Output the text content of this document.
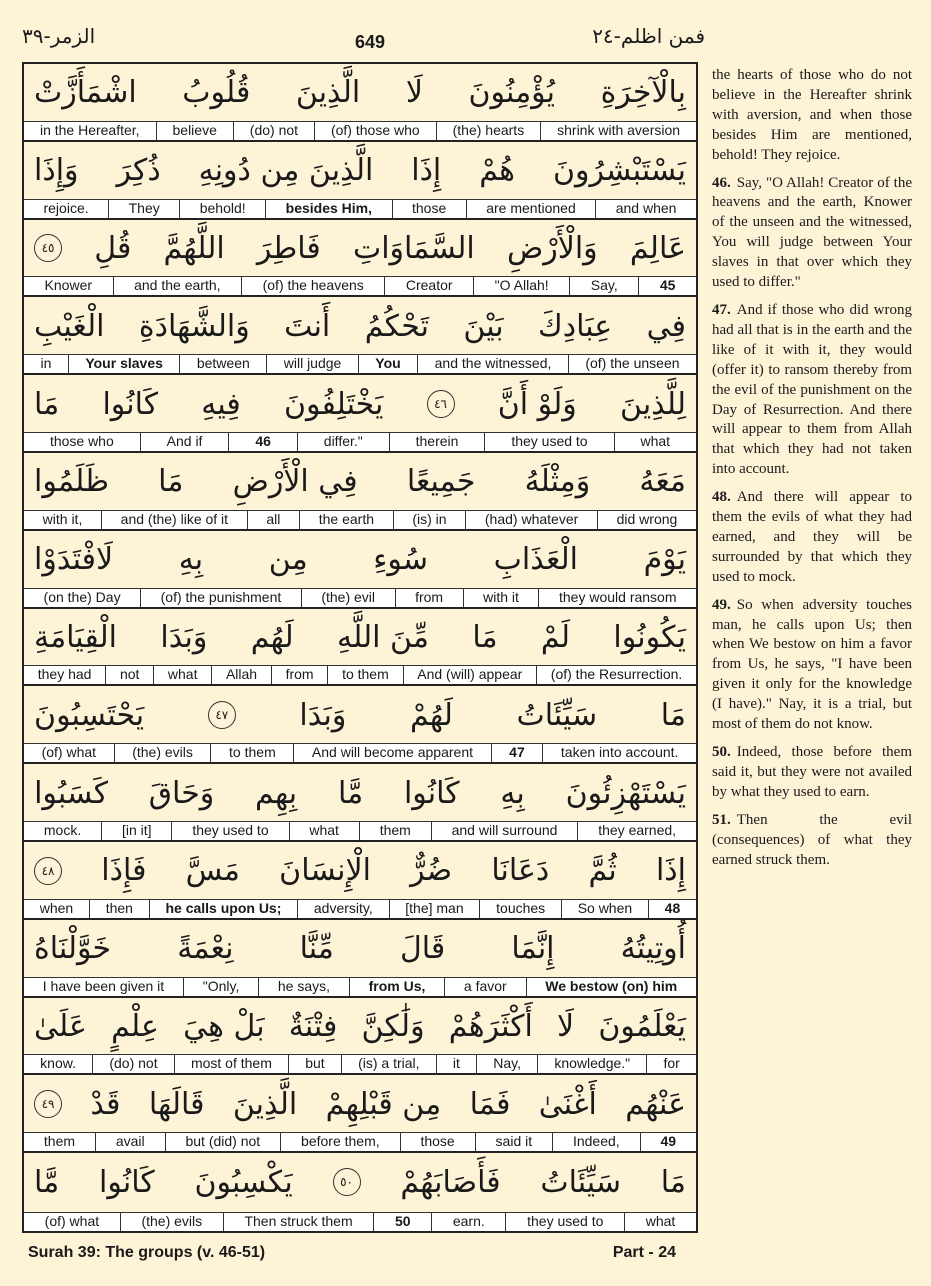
الزمر-۳۹	649	فمن اظلم-٢٤
اشْمَأَزَّتْ قُلُوبُ الَّذِينَ لَا يُؤْمِنُونَ بِالْآخِرَةِ
in the Hereafter,	believe	(do) not	(of) those who	(the) hearts	shrink with aversion
وَإِذَا ذُكِرَ الَّذِينَ مِن دُونِهِ إِذَا هُمْ يَسْتَبْشِرُونَ
rejoice.	They	behold!	besides Him,	those	are mentioned	and when
٤٥ قُلِ اللَّهُمَّ فَاطِرَ السَّمَاوَاتِ وَالْأَرْضِ عَالِمَ
Knower	and the earth,	(of) the heavens	Creator	"O Allah!	Say,	45
الْغَيْبِ وَالشَّهَادَةِ أَنتَ تَحْكُمُ بَيْنَ عِبَادِكَ فِي
in	Your slaves	between	will judge	You	and the witnessed,	(of) the unseen
مَا كَانُوا فِيهِ يَخْتَلِفُونَ	٤٦ وَلَوْ أَنَّ لِلَّذِينَ
those who	And if	46	differ."	therein	they used to	what
ظَلَمُوا مَا فِي الْأَرْضِ جَمِيعًا وَمِثْلَهُ مَعَهُ
with it,	and (the) like of it	all	the earth	(is) in	(had) whatever	did wrong
لَافْتَدَوْا بِهِ مِن سُوءِ الْعَذَابِ يَوْمَ
(on the) Day	(of) the punishment	(the) evil	from	with it	they would ransom
الْقِيَامَةِ وَبَدَا لَهُم مِّنَ اللَّهِ مَا لَمْ يَكُونُوا
they had	not	what	Allah	from	to them	And (will) appear	(of) the Resurrection.
يَحْتَسِبُونَ	٤٧ وَبَدَا لَهُمْ سَيِّئَاتُ مَا
(of) what	(the) evils	to them	And will become apparent	47	taken into account.
كَسَبُوا وَحَاقَ بِهِم مَّا كَانُوا بِهِ يَسْتَهْزِئُونَ
mock.	[in it]	they used to	what	them	and will surround	they earned,
٤٨ فَإِذَا مَسَّ الْإِنسَانَ ضُرٌّ دَعَانَا ثُمَّ إِذَا
when	then	he calls upon Us;	adversity,	[the] man	touches	So when	48
خَوَّلْنَاهُ نِعْمَةً مِّنَّا قَالَ إِنَّمَا أُوتِيتُهُ
I have been given it	"Only,	he says,	from Us,	a favor	We bestow (on) him
عَلَىٰ عِلْمٍ بَلْ هِيَ فِتْنَةٌ وَلَٰكِنَّ أَكْثَرَهُمْ لَا يَعْلَمُونَ
know.	(do) not	most of them	but	(is) a trial,	it	Nay,	knowledge."	for
٤٩ قَدْ قَالَهَا الَّذِينَ مِن قَبْلِهِمْ فَمَا أَغْنَىٰ عَنْهُم
them	avail	but (did) not	before them,	those	said it	Indeed,	49
مَّا كَانُوا يَكْسِبُونَ	٥٠ فَأَصَابَهُمْ سَيِّئَاتُ مَا
(of) what	(the) evils	Then struck them	50	earn.	they used to	what
the hearts of those who do not believe in the Hereafter shrink with aversion, and when those besides Him are mentioned, behold! They rejoice.
46. Say, "O Allah! Creator of the heavens and the earth, Knower of the unseen and the witnessed, You will judge between Your slaves in that over which they used to differ."
47. And if those who did wrong had all that is in the earth and the like of it with it, they would (offer it) to ransom thereby from the evil of the punishment on the Day of Resurrection. And there will appear to them from Allah that which they had not taken into account.
48. And there will appear to them the evils of what they had earned, and they will be surrounded by that which they used to mock.
49. So when adversity touches man, he calls upon Us; then when We bestow on him a favor from Us, he says, "I have been given it only for the knowledge (I have)." Nay, it is a trial, but most of them do not know.
50. Indeed, those before them said it, but they were not availed by what they used to earn.
51. Then the evil (consequences) of what they earned struck them.
Surah 39: The groups (v. 46-51)	Part - 24
